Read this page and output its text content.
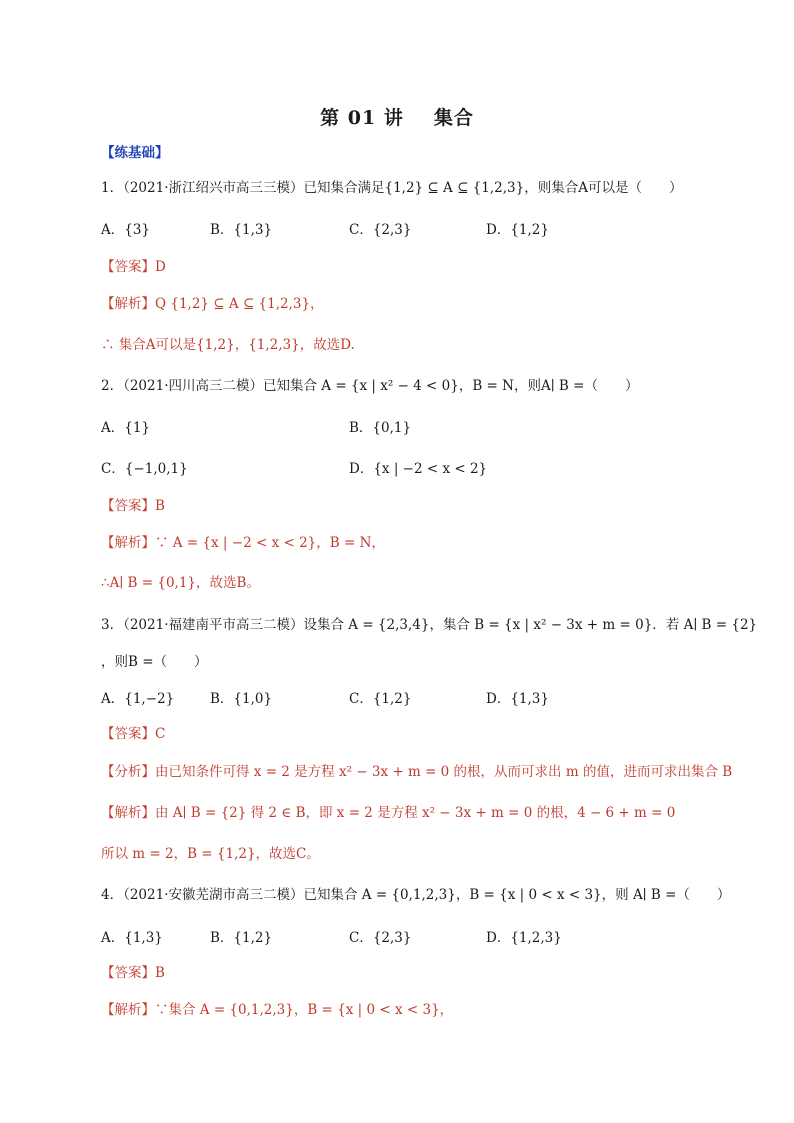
第 01 讲 集合
【练基础】
1．（2021·浙江绍兴市高三三模）已知集合满足{1,2} ⊆ A ⊆ {1,2,3}，则集合A可以是（　　）
A．{3}	B．{1,3}	C．{2,3}	D．{1,2}
【答案】D
【解析】Q {1,2} ⊆ A ⊆ {1,2,3}，
∴ 集合A可以是{1,2}，{1,2,3}，故选D.
2．（2021·四川高三二模）已知集合 A = {x | x² − 4 < 0}，B = N，则A∣ B =（　　）
A．{1}	B．{0,1}
C．{−1,0,1}	D．{x | −2 < x < 2}
【答案】B
【解析】∵ A = {x | −2 < x < 2}，B = N，
∴A∣ B = {0,1}，故选B。
3．（2021·福建南平市高三二模）设集合 A = {2,3,4}，集合 B = {x | x² − 3x + m = 0}．若 A∣ B = {2}
，则B =（　　）
A．{1,−2}	B．{1,0}	C．{1,2}	D．{1,3}
【答案】C
【分析】由已知条件可得 x = 2 是方程 x² − 3x + m = 0 的根，从而可求出 m 的值，进而可求出集合 B
【解析】由 A∣ B = {2} 得 2 ∈ B，即 x = 2 是方程 x² − 3x + m = 0 的根，4 − 6 + m = 0
所以 m = 2，B = {1,2}，故选C。
4．（2021·安徽芜湖市高三二模）已知集合 A = {0,1,2,3}，B = {x | 0 < x < 3}，则 A∣ B =（　　）
A．{1,3}	B．{1,2}	C．{2,3}	D．{1,2,3}
【答案】B
【解析】∵集合 A = {0,1,2,3}，B = {x | 0 < x < 3}，
